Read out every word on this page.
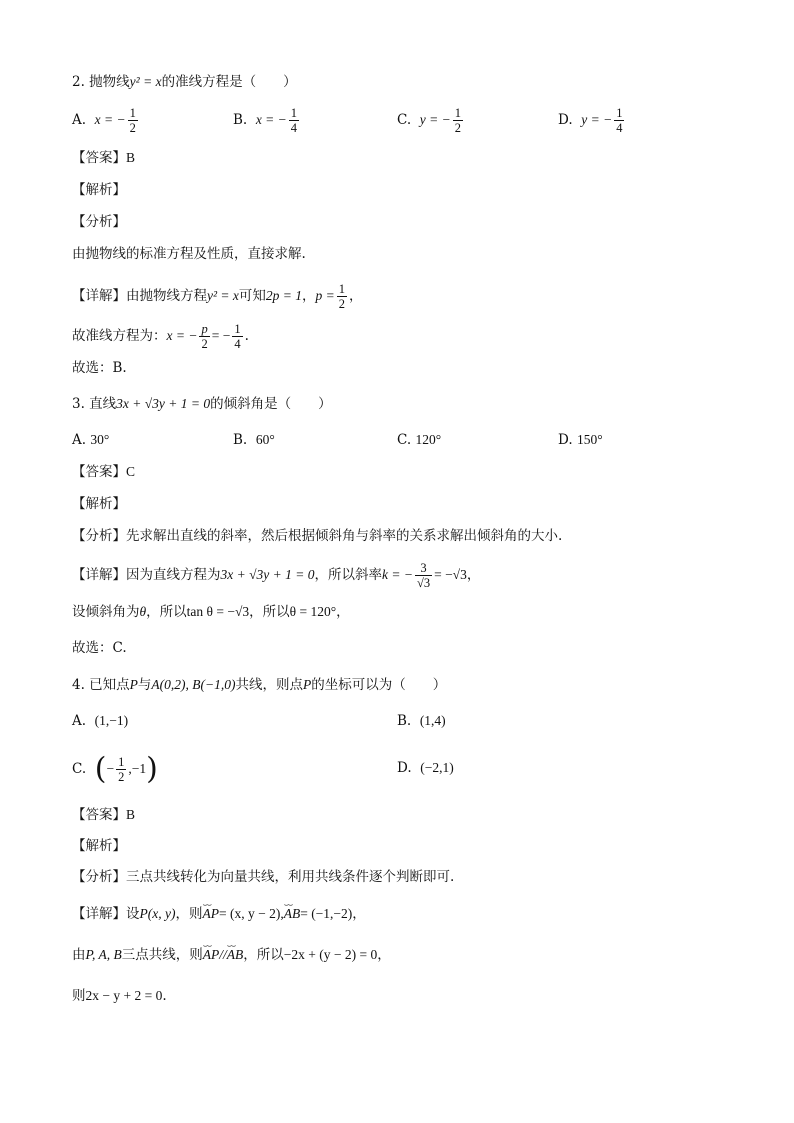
2. 抛物线y² = x的准线方程是（　　）
A. x = − $\frac{1}{2}$	B. x = − $\frac{1}{4}$	C. y = − $\frac{1}{2}$	D. y = − $\frac{1}{4}$
【答案】B
【解析】
【分析】
由抛物线的标准方程及性质，直接求解.
【详解】由抛物线方程y² = x可知2p = 1，$p = \frac{1}{2}$ ，
故准线方程为：x = − $\frac{p}{2}$ = − $\frac{1}{4}$ .
故选：B.
3. 直线3x + √3y + 1 = 0的倾斜角是（　　）
A. 30°	B. 60°	C. 120°	D. 150°
【答案】C
【解析】
【分析】先求解出直线的斜率，然后根据倾斜角与斜率的关系求解出倾斜角的大小.
【详解】因为直线方程为3x + √3y + 1 = 0，所以斜率k = − $\frac{3}{√3} = -√3$，
设倾斜角为θ，所以tan θ = −√3，所以θ = 120°，
故选：C.
4. 已知点P与A(0,2), B(−1,0)共线，则点P的坐标可以为（　　）
A. (1,−1)	B. (1,4)
C. (− $\frac{1}{2} ,-1$)	D. (−2,1)
【答案】B
【解析】
【分析】三点共线转化为向量共线，利用共线条件逐个判断即可.
【详解】设P(x, y)，则⌣⌣ AP= (x, y − 2),⌣⌣ AB= (−1,−2)，
由P, A, B三点共线，则⌣⌣ AP//⌣⌣ AB，所以−2x + (y − 2) = 0，
则2x − y + 2 = 0.
